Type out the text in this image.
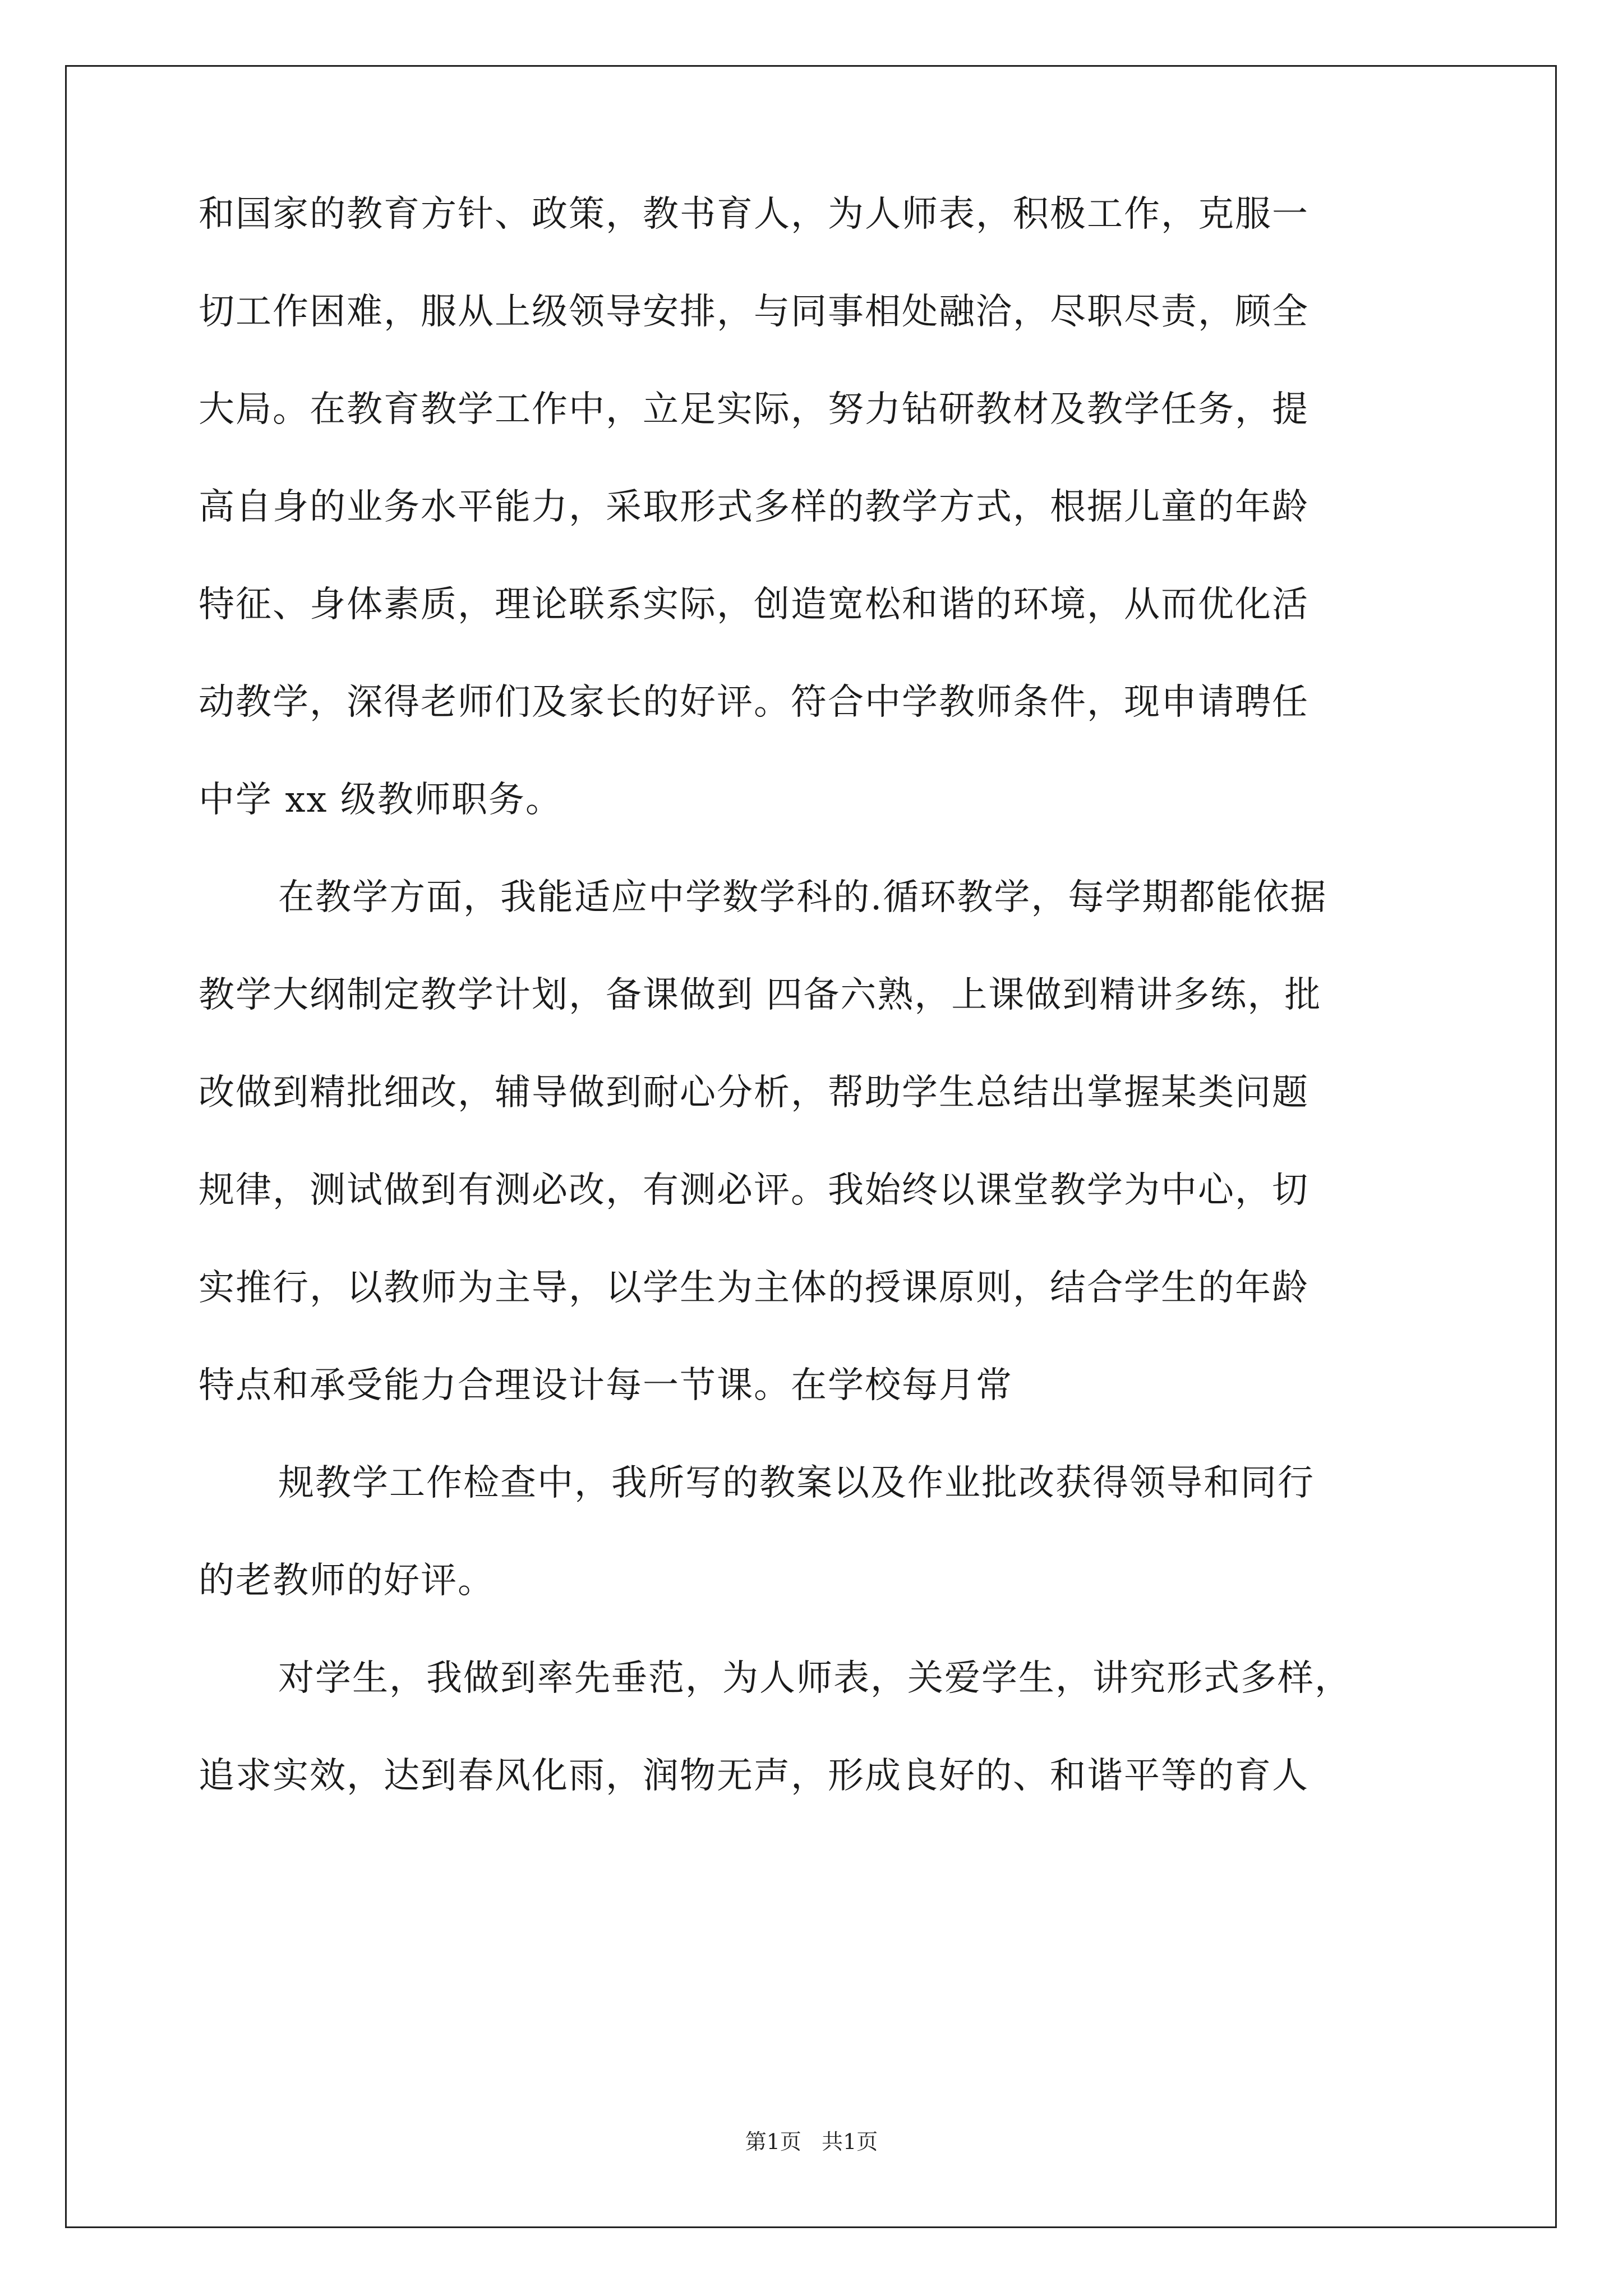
和国家的教育方针、政策，教书育人，为人师表，积极工作，克服一
切工作困难，服从上级领导安排，与同事相处融洽，尽职尽责，顾全
大局。在教育教学工作中，立足实际，努力钻研教材及教学任务，提
高自身的业务水平能力，采取形式多样的教学方式，根据儿童的年龄
特征、身体素质，理论联系实际，创造宽松和谐的环境，从而优化活
动教学，深得老师们及家长的好评。符合中学教师条件，现申请聘任
中学 xx 级教师职务。
在教学方面，我能适应中学数学科的.循环教学，每学期都能依据
教学大纲制定教学计划，备课做到 四备六熟，上课做到精讲多练，批
改做到精批细改，辅导做到耐心分析，帮助学生总结出掌握某类问题
规律，测试做到有测必改，有测必评。我始终以课堂教学为中心，切
实推行，以教师为主导，以学生为主体的授课原则，结合学生的年龄
特点和承受能力合理设计每一节课。在学校每月常
规教学工作检查中，我所写的教案以及作业批改获得领导和同行
的老教师的好评。
对学生，我做到率先垂范，为人师表，关爱学生，讲究形式多样，
追求实效，达到春风化雨，润物无声，形成良好的、和谐平等的育人
第1页   共1页
